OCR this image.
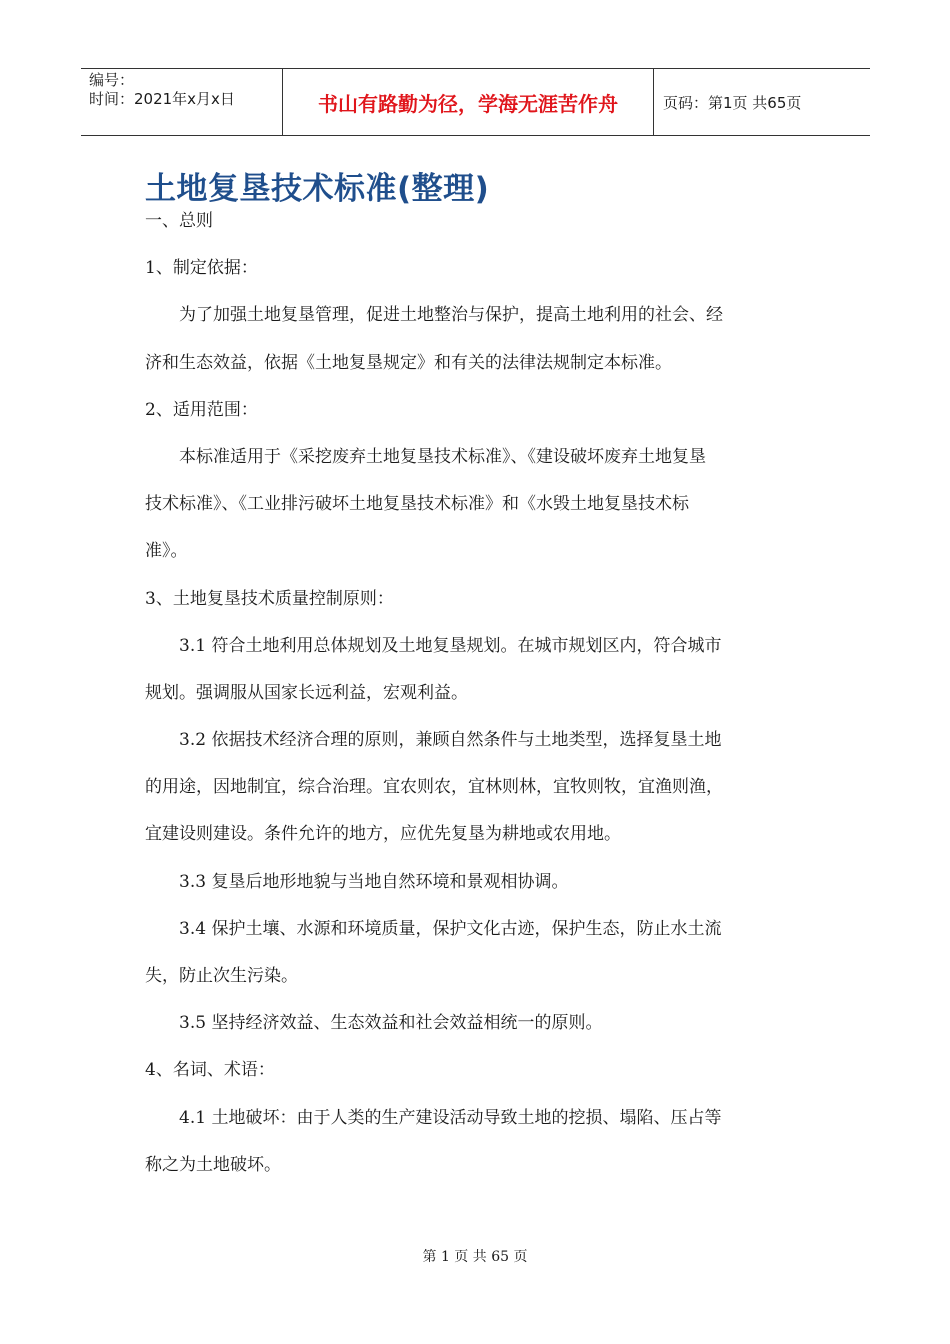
编号：
时间：2021年x月x日	书山有路勤为径，学海无涯苦作舟	页码：第1页 共65页
土地复垦技术标准(整理)
一、总则
1、制定依据：
为了加强土地复垦管理，促进土地整治与保护，提高土地利用的社会、经
济和生态效益，依据《土地复垦规定》和有关的法律法规制定本标准。
2、适用范围：
本标准适用于《采挖废弃土地复垦技术标准》、《建设破坏废弃土地复垦
技术标准》、《工业排污破坏土地复垦技术标准》和《水毁土地复垦技术标
准》。
3、土地复垦技术质量控制原则：
3.1 符合土地利用总体规划及土地复垦规划。在城市规划区内，符合城市
规划。强调服从国家长远利益，宏观利益。
3.2 依据技术经济合理的原则，兼顾自然条件与土地类型，选择复垦土地
的用途，因地制宜，综合治理。宜农则农，宜林则林，宜牧则牧，宜渔则渔，
宜建设则建设。条件允许的地方，应优先复垦为耕地或农用地。
3.3 复垦后地形地貌与当地自然环境和景观相协调。
3.4 保护土壤、水源和环境质量，保护文化古迹，保护生态，防止水土流
失，防止次生污染。
3.5 坚持经济效益、生态效益和社会效益相统一的原则。
4、名词、术语：
4.1 土地破坏：由于人类的生产建设活动导致土地的挖损、塌陷、压占等
称之为土地破坏。
第 1 页 共 65 页
